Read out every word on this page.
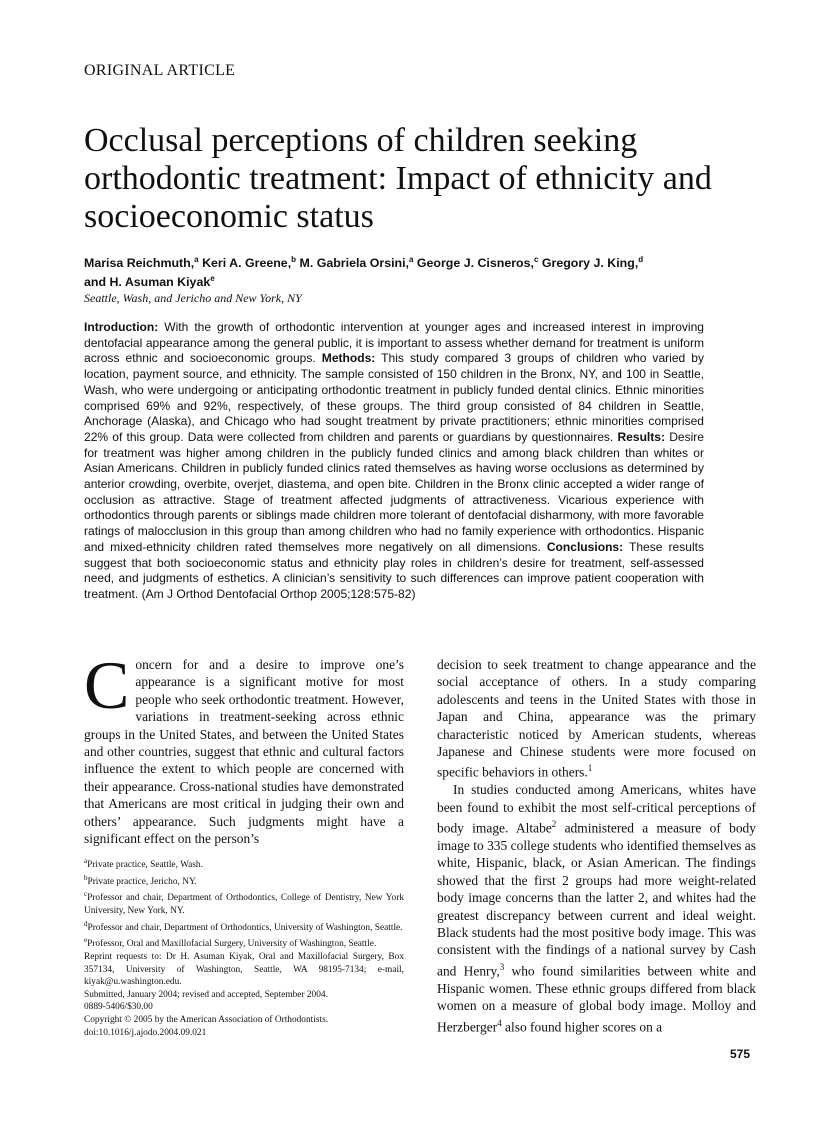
ORIGINAL ARTICLE
Occlusal perceptions of children seeking orthodontic treatment: Impact of ethnicity and socioeconomic status
Marisa Reichmuth,$^a$ Keri A. Greene,$^b$ M. Gabriela Orsini,$^a$ George J. Cisneros,$^c$ Gregory J. King,$^d$
and H. Asuman Kiyak$^e$
Seattle, Wash, and Jericho and New York, NY
Introduction: With the growth of orthodontic intervention at younger ages and increased interest in improving dentofacial appearance among the general public, it is important to assess whether demand for treatment is uniform across ethnic and socioeconomic groups. Methods: This study compared 3 groups of children who varied by location, payment source, and ethnicity. The sample consisted of 150 children in the Bronx, NY, and 100 in Seattle, Wash, who were undergoing or anticipating orthodontic treatment in publicly funded dental clinics. Ethnic minorities comprised 69% and 92%, respectively, of these groups. The third group consisted of 84 children in Seattle, Anchorage (Alaska), and Chicago who had sought treatment by private practitioners; ethnic minorities comprised 22% of this group. Data were collected from children and parents or guardians by questionnaires. Results: Desire for treatment was higher among children in the publicly funded clinics and among black children than whites or Asian Americans. Children in publicly funded clinics rated themselves as having worse occlusions as determined by anterior crowding, overbite, overjet, diastema, and open bite. Children in the Bronx clinic accepted a wider range of occlusion as attractive. Stage of treatment affected judgments of attractiveness. Vicarious experience with orthodontics through parents or siblings made children more tolerant of dentofacial disharmony, with more favorable ratings of malocclusion in this group than among children who had no family experience with orthodontics. Hispanic and mixed-ethnicity children rated themselves more negatively on all dimensions. Conclusions: These results suggest that both socioeconomic status and ethnicity play roles in children’s desire for treatment, self-assessed need, and judgments of esthetics. A clinician’s sensitivity to such differences can improve patient cooperation with treatment. (Am J Orthod Dentofacial Orthop 2005;128:575-82)

Concern for and a desire to improve one’s appearance is a significant motive for most people who seek orthodontic treatment. However, variations in treatment-seeking across ethnic groups in the United States, and between the United States and other countries, suggest that ethnic and cultural factors influence the extent to which people are concerned with their appearance. Cross-national studies have demonstrated that Americans are most critical in judging their own and others’ appearance. Such judgments might have a significant effect on the person’s

$^a$Private practice, Seattle, Wash.

$^b$Private practice, Jericho, NY.

$^c$Professor and chair, Department of Orthodontics, College of Dentistry, New York University, New York, NY.

$^d$Professor and chair, Department of Orthodontics, University of Washington, Seattle.

$^e$Professor, Oral and Maxillofacial Surgery, University of Washington, Seattle.

Reprint requests to: Dr H. Asuman Kiyak, Oral and Maxillofacial Surgery, Box 357134, University of Washington, Seattle, WA 98195-7134; e-mail, kiyak@u.washington.edu.

Submitted, January 2004; revised and accepted, September 2004.

0889-5406/$30.00

Copyright © 2005 by the American Association of Orthodontists.

doi:10.1016/j.ajodo.2004.09.021

decision to seek treatment to change appearance and the social acceptance of others. In a study comparing adolescents and teens in the United States with those in Japan and China, appearance was the primary characteristic noticed by American students, whereas Japanese and Chinese students were more focused on specific behaviors in others.$^1$

In studies conducted among Americans, whites have been found to exhibit the most self-critical perceptions of body image. Altabe$^2$ administered a measure of body image to 335 college students who identified themselves as white, Hispanic, black, or Asian American. The findings showed that the first 2 groups had more weight-related body image concerns than the latter 2, and whites had the greatest discrepancy between current and ideal weight. Black students had the most positive body image. This was consistent with the findings of a national survey by Cash and Henry,$^3$ who found similarities between white and Hispanic women. These ethnic groups differed from black women on a measure of global body image. Molloy and Herzberger$^4$ also found higher scores on a

575
